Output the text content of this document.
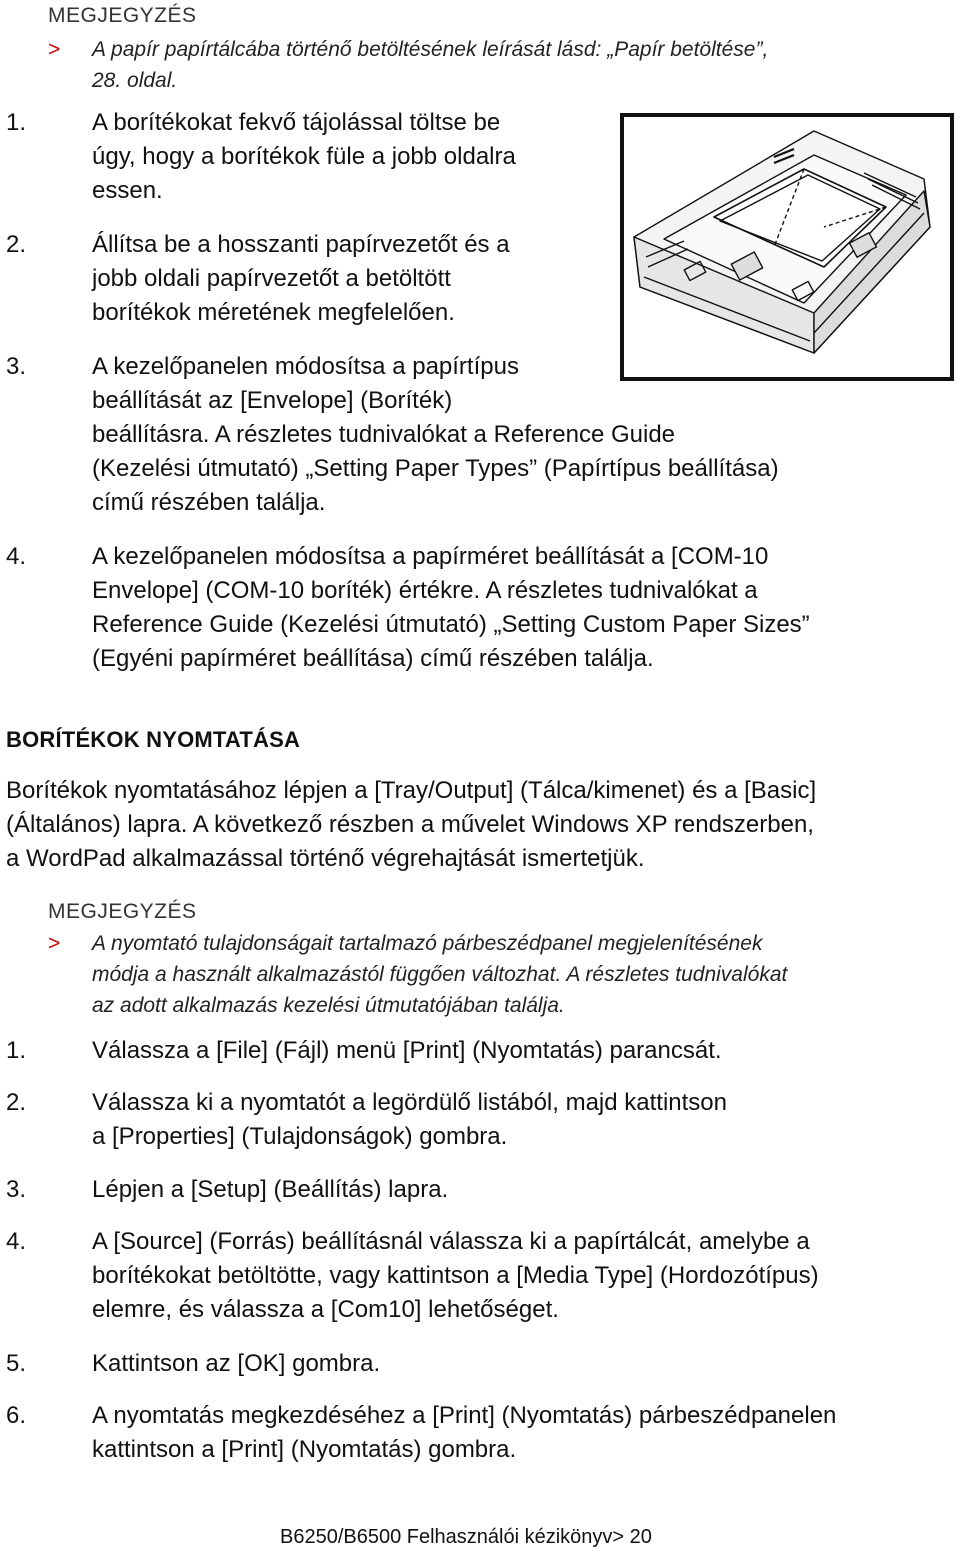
MEGJEGYZÉS
> A papír papírtálcába történő betöltésének leírását lásd: „Papír betöltése”,
28. oldal.
1.	A borítékokat fekvő tájolással töltse be
úgy, hogy a borítékok füle a jobb oldalra
essen.
2.	Állítsa be a hosszanti papírvezetőt és a
jobb oldali papírvezetőt a betöltött
borítékok méretének megfelelően.
3.	A kezelőpanelen módosítsa a papírtípus
beállítását az [Envelope] (Boríték)
beállításra. A részletes tudnivalókat a Reference Guide
(Kezelési útmutató) „Setting Paper Types” (Papírtípus beállítása)
című részében találja.
4.	A kezelőpanelen módosítsa a papírméret beállítását a [COM-10
Envelope] (COM-10 boríték) értékre. A részletes tudnivalókat a
Reference Guide (Kezelési útmutató) „Setting Custom Paper Sizes”
(Egyéni papírméret beállítása) című részében találja.
BORÍTÉKOK NYOMTATÁSA
Borítékok nyomtatásához lépjen a [Tray/Output] (Tálca/kimenet) és a [Basic]
(Általános) lapra. A következő részben a művelet Windows XP rendszerben,
a WordPad alkalmazással történő végrehajtását ismertetjük.
MEGJEGYZÉS
> A nyomtató tulajdonságait tartalmazó párbeszédpanel megjelenítésének
módja a használt alkalmazástól függően változhat. A részletes tudnivalókat
az adott alkalmazás kezelési útmutatójában találja.
1.	Válassza a [File] (Fájl) menü [Print] (Nyomtatás) parancsát.
2.	Válassza ki a nyomtatót a legördülő listából, majd kattintson
a [Properties] (Tulajdonságok) gombra.
3.	Lépjen a [Setup] (Beállítás) lapra.
4.	A [Source] (Forrás) beállításnál válassza ki a papírtálcát, amelybe a
borítékokat betöltötte, vagy kattintson a [Media Type] (Hordozótípus)
elemre, és válassza a [Com10] lehetőséget.
5.	Kattintson az [OK] gombra.
6.	A nyomtatás megkezdéséhez a [Print] (Nyomtatás) párbeszédpanelen
kattintson a [Print] (Nyomtatás) gombra.
B6250/B6500 Felhasználói kézikönyv> 20
